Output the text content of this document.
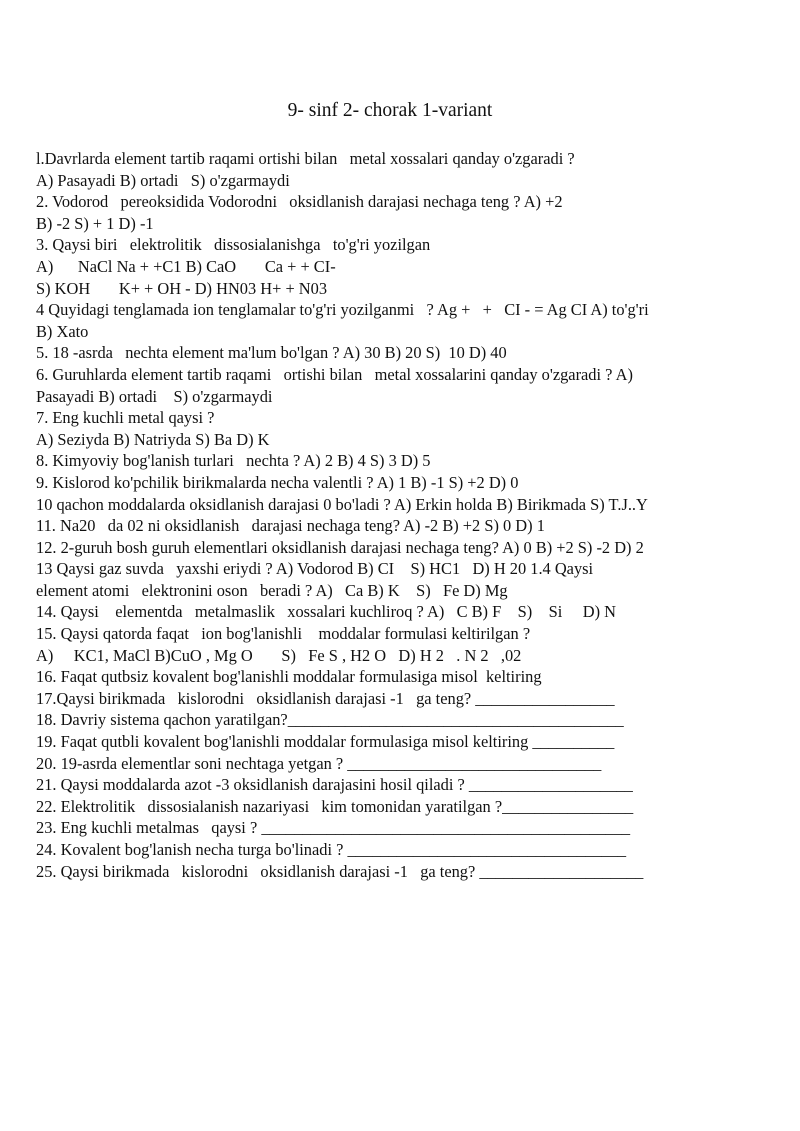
9- sinf 2- chorak 1-variant
l.Davrlarda element tartib raqami ortishi bilan   metal xossalari qanday o'zgaradi ?
A) Pasayadi B) ortadi   S) o'zgarmaydi
2. Vodorod   pereoksidida Vodorodni   oksidlanish darajasi nechaga teng ? A) +2
B) -2 S) + 1 D) -1
3. Qaysi biri   elektrolitik   dissosialanishga   to'g'ri yozilgan
A)      NaCl Na + +C1 B) CaO       Ca + + CI-
S) KOH       K+ + OH - D) HN03 H+ + N03
4 Quyidagi tenglamada ion tenglamalar to'g'ri yozilganmi   ? Ag +   +   CI - = Ag CI A) to'g'ri
B) Xato
5. 18 -asrda   nechta element ma'lum bo'lgan ? A) 30 B) 20 S)  10 D) 40
6. Guruhlarda element tartib raqami   ortishi bilan   metal xossalarini qanday o'zgaradi ? A)
Pasayadi B) ortadi    S) o'zgarmaydi
7. Eng kuchli metal qaysi ?
A) Seziyda B) Natriyda S) Ba D) K
8. Kimyoviy bog'lanish turlari   nechta ? A) 2 B) 4 S) 3 D) 5
9. Kislorod ko'pchilik birikmalarda necha valentli ? A) 1 B) -1 S) +2 D) 0
10 qachon moddalarda oksidlanish darajasi 0 bo'ladi ? A) Erkin holda B) Birikmada S) T.J..Y
11. Na20   da 02 ni oksidlanish   darajasi nechaga teng? A) -2 B) +2 S) 0 D) 1
12. 2-guruh bosh guruh elementlari oksidlanish darajasi nechaga teng? A) 0 B) +2 S) -2 D) 2
13 Qaysi gaz suvda   yaxshi eriydi ? A) Vodorod B) CI    S) HC1   D) H 20 1.4 Qaysi
element atomi   elektronini oson   beradi ? A)   Ca B) K    S)   Fe D) Mg
14. Qaysi    elementda   metalmaslik   xossalari kuchliroq ? A)   C B) F    S)    Si     D) N
15. Qaysi qatorda faqat   ion bog'lanishli    moddalar formulasi keltirilgan ?
A)     KC1, MaCl B)CuO , Mg O       S)   Fe S , H2 O   D) H 2   . N 2   ,02
16. Faqat qutbsiz kovalent bog'lanishli moddalar formulasiga misol  keltiring
17.Qaysi birikmada   kislorodni   oksidlanish darajasi -1   ga teng? _________________
18. Davriy sistema qachon yaratilgan?_________________________________________
19. Faqat qutbli kovalent bog'lanishli moddalar formulasiga misol keltiring __________
20. 19-asrda elementlar soni nechtaga yetgan ? _______________________________
21. Qaysi moddalarda azot -3 oksidlanish darajasini hosil qiladi ? ____________________
22. Elektrolitik   dissosialanish nazariyasi   kim tomonidan yaratilgan ?________________
23. Eng kuchli metalmas   qaysi ? _____________________________________________
24. Kovalent bog'lanish necha turga bo'linadi ? __________________________________
25. Qaysi birikmada   kislorodni   oksidlanish darajasi -1   ga teng? ____________________
